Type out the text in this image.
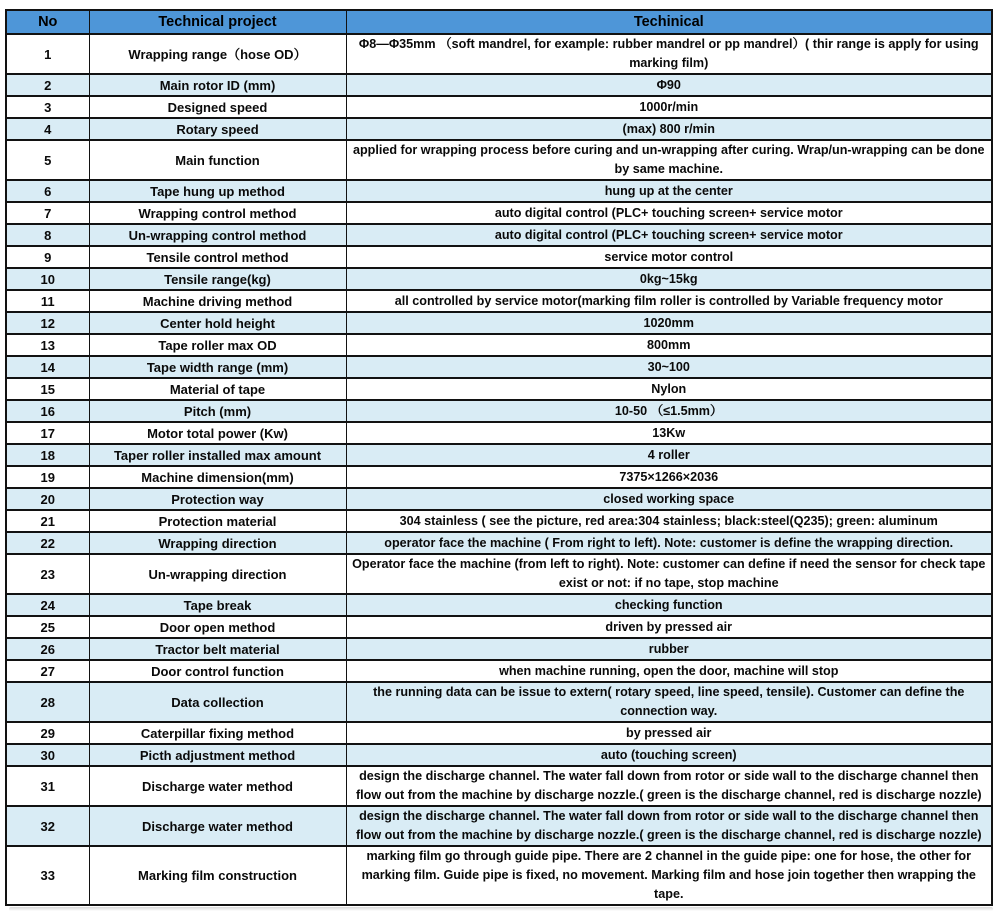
No	Technical project	Techinical
1	Wrapping range（hose OD）	Φ8—Φ35mm （soft mandrel, for example: rubber mandrel or pp mandrel）( thir range is apply for using marking film)
2	Main rotor ID (mm)	Φ90
3	Designed speed	1000r/min
4	Rotary speed	(max) 800 r/min
5	Main function	applied for wrapping process before curing and un-wrapping after curing. Wrap/un-wrapping can be done by same machine.
6	Tape hung up method	hung up at the center
7	Wrapping control method	auto digital control (PLC+ touching screen+ service motor
8	Un-wrapping control method	auto digital control (PLC+ touching screen+ service motor
9	Tensile control method	service motor control
10	Tensile range(kg)	0kg~15kg
11	Machine driving method	all controlled by service motor(marking film roller is controlled by Variable frequency motor
12	Center hold height	1020mm
13	Tape roller max OD	800mm
14	Tape width range (mm)	30~100
15	Material of tape	Nylon
16	Pitch (mm)	10-50 （≤1.5mm）
17	Motor total power (Kw)	13Kw
18	Taper roller installed max amount	4 roller
19	Machine dimension(mm)	7375×1266×2036
20	Protection way	closed working space
21	Protection material	304 stainless ( see the picture, red area:304 stainless; black:steel(Q235); green: aluminum
22	Wrapping direction	operator face the machine ( From right to left). Note: customer is define the wrapping direction.
23	Un-wrapping direction	Operator face the machine (from left to right). Note: customer can define if need the sensor for check tape exist or not: if no tape, stop machine
24	Tape break	checking function
25	Door open method	driven by pressed air
26	Tractor belt material	rubber
27	Door control function	when machine running, open the door, machine will stop
28	Data collection	the running data can be issue to extern( rotary speed, line speed, tensile). Customer can define the connection way.
29	Caterpillar fixing method	by pressed air
30	Picth adjustment method	auto (touching screen)
31	Discharge water method	design the discharge channel. The water fall down from rotor or side wall to the discharge channel then flow out from the machine by discharge nozzle.( green is the discharge channel, red is discharge nozzle)
32	Discharge water method	design the discharge channel. The water fall down from rotor or side wall to the discharge channel then flow out from the machine by discharge nozzle.( green is the discharge channel, red is discharge nozzle)
33	Marking film construction	marking film go through guide pipe. There are 2 channel in the guide pipe: one for hose, the other for marking film. Guide pipe is fixed, no movement. Marking film and hose join together then wrapping the tape.
